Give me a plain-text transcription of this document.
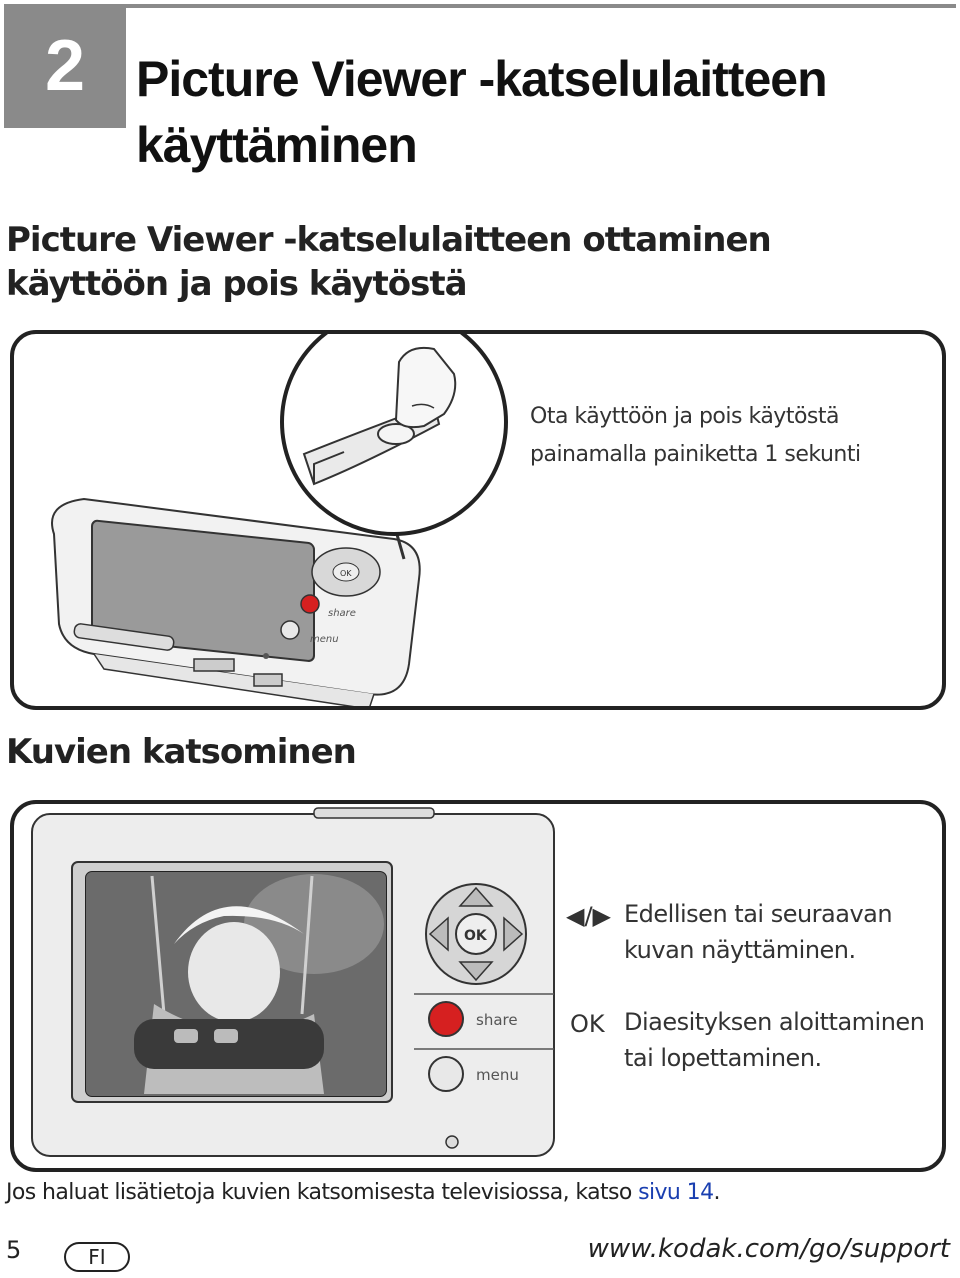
2	Picture Viewer -katselulaitteen käyttäminen
Picture Viewer -katselulaitteen ottaminen käyttöön ja pois käytöstä
OK
share
menu
Ota käyttöön ja pois käytöstä
painamalla painiketta 1 sekunti
Kuvien katsominen
OK
share
menu
◀/▶ Edellisen tai seuraavan
kuvan näyttäminen.
OK Diaesityksen aloittaminen
tai lopettaminen.
Jos haluat lisätietoja kuvien katsomisesta televisiossa, katso sivu 14.
5	FI	www.kodak.com/go/support
